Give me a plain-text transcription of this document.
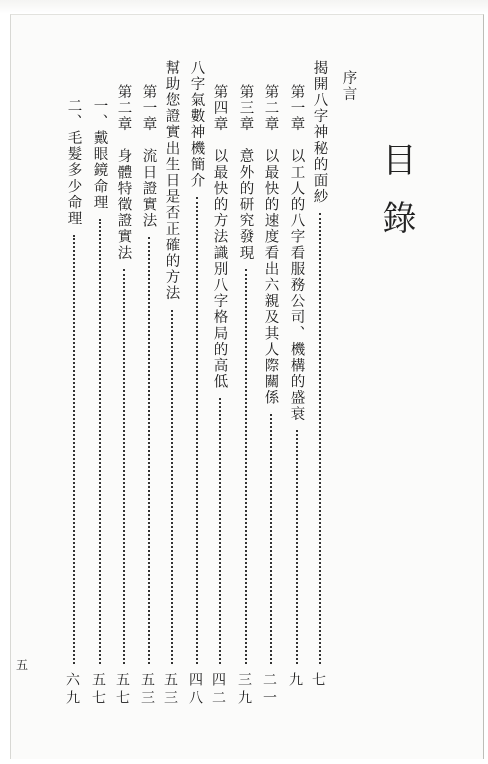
目錄
序言
揭開八字神秘的面紗
七
第一章　以工人的八字看服務公司、機構的盛衰
九
第二章　以最快的速度看出六親及其人際關係
二一
第三章　意外的研究發現
三九
第四章　以最快的方法識別八字格局的高低
四二
八字氣數神機簡介
四八
幫助您證實出生日是否正確的方法
五三
第一章　流日證實法
五三
第二章　身體特徵證實法
五七
一、戴眼鏡命理
五七
二、毛髮多少命理
六九
五
